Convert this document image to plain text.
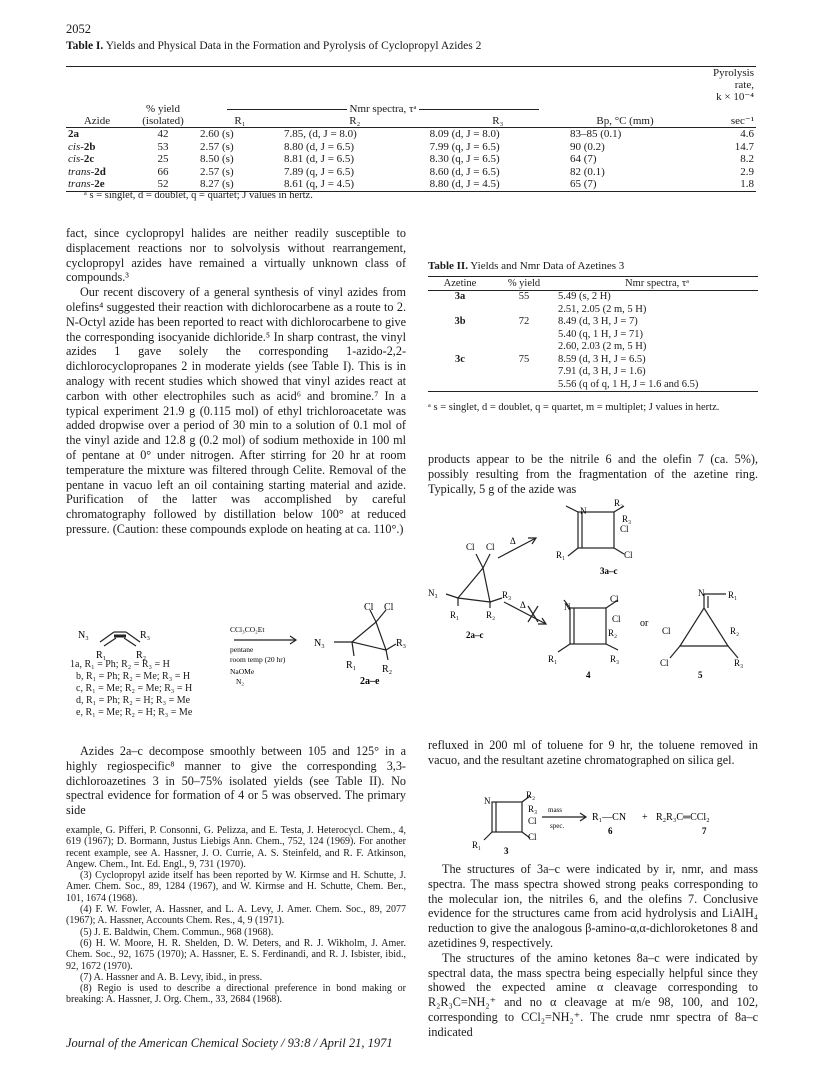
2052
Table I. Yields and Physical Data in the Formation and Pyrolysis of Cyclopropyl Azides 2

						Pyrolysis
rate,
k × 10⁻⁴

	% yield	Nmr spectra, τᵃ				
Azide	(isolated)	R₁	R₂	R₃	Bp, °C (mm)	sec⁻¹
2a	42	2.60 (s)	7.85, (d, J = 8.0)	8.09 (d, J = 8.0)	83–85 (0.1)	4.6
cis-2b	53	2.57 (s)	8.80 (d, J = 6.5)	7.99 (q, J = 6.5)	90 (0.2)	14.7
cis-2c	25	8.50 (s)	8.81 (d, J = 6.5)	8.30 (q, J = 6.5)	64 (7)	8.2
trans-2d	66	2.57 (s)	7.89 (q, J = 6.5)	8.60 (d, J = 6.5)	82 (0.1)	2.9
trans-2e	52	8.27 (s)	8.61 (q, J = 4.5)	8.80 (d, J = 4.5)	65 (7)	1.8
ᵃ s = singlet, d = doublet, q = quartet; J values in hertz.

fact, since cyclopropyl halides are neither readily susceptible to displacement reactions nor to solvolysis without rearrangement, cyclopropyl azides have remained a virtually unknown class of compounds.³

Our recent discovery of a general synthesis of vinyl azides from olefins⁴ suggested their reaction with dichlorocarbene as a route to 2. N-Octyl azide has been reported to react with dichlorocarbene to give the corresponding isocyanide dichloride.⁵ In sharp contrast, the vinyl azides 1 gave solely the corresponding 1-azido-2,2-dichlorocyclopropanes 2 in moderate yields (see Table I). This is in analogy with recent studies which showed that vinyl azides react at carbon with other electrophiles such as acid⁶ and bromine.⁷ In a typical experiment 21.9 g (0.115 mol) of ethyl trichloroacetate was added dropwise over a period of 30 min to a solution of 0.1 mol of the vinyl azide and 12.8 g (0.2 mol) of sodium methoxide in 100 ml of pentane at 0° under nitrogen. After stirring for 20 hr at room temperature the mixture was filtered through Celite. Removal of the pentane in vacuo left an oil containing starting material and azide. Purification of the latter was accomplished by careful chromatography followed by distillation below 100° at reduced pressure. (Caution: these compounds explode on heating at ca. 110°.)

N₃	R₃
R₁	R₂
CCl₃CO₂Et
pentane
room temp (20 hr)
NaOMe
N₂
N₃
Cl Cl
R₃
R₁	R₂
2a–e
1a, R₁ = Ph; R₂ = R₃ = H
b, R₁ = Ph; R₂ = Me; R₃ = H
c, R₁ = Me; R₂ = Me; R₃ = H
d, R₁ = Ph; R₂ = H; R₃ = Me
e, R₁ = Me; R₂ = H; R₃ = Me

Azides 2a–c decompose smoothly between 105 and 125° in a highly regiospecific⁸ manner to give the corresponding 3,3-dichloroazetines 3 in 50–75% isolated yields (see Table II). No spectral evidence for formation of 4 or 5 was observed. The primary side

example, G. Pifferi, P. Consonni, G. Pelizza, and E. Testa, J. Heterocycl. Chem., 4, 619 (1967); D. Bormann, Justus Liebigs Ann. Chem., 752, 124 (1969). For another recent example, see A. Hassner, J. O. Currie, A. S. Steinfeld, and R. F. Atkinson, Angew. Chem., Int. Ed. Engl., 9, 731 (1970).

(3) Cyclopropyl azide itself has been reported by W. Kirmse and H. Schutte, J. Amer. Chem. Soc., 89, 1284 (1967), and W. Kirmse and H. Schutte, Chem. Ber., 101, 1674 (1968).

(4) F. W. Fowler, A. Hassner, and L. A. Levy, J. Amer. Chem. Soc., 89, 2077 (1967); A. Hassner, Accounts Chem. Res., 4, 9 (1971).

(5) J. E. Baldwin, Chem. Commun., 968 (1968).

(6) H. W. Moore, H. R. Shelden, D. W. Deters, and R. J. Wikholm, J. Amer. Chem. Soc., 92, 1675 (1970); A. Hassner, E. S. Ferdinandi, and R. J. Isbister, ibid., 92, 1672 (1970).

(7) A. Hassner and A. B. Levy, ibid., in press.

(8) Regio is used to describe a directional preference in bond making or breaking: A. Hassner, J. Org. Chem., 33, 2684 (1968).

Table II. Yields and Nmr Data of Azetines 3
Azetine	% yield	Nmr spectra, τᵃ
3a	55	5.49 (s, 2 H)
2.51, 2.05 (2 m, 5 H)

3b	72	8.49 (d, 3 H, J = 7)
5.40 (q, 1 H, J = 71)
2.60, 2.03 (2 m, 5 H)

3c	75	8.59 (d, 3 H, J = 6.5)
7.91 (d, 3 H, J = 1.6)
5.56 (q of q, 1 H, J = 1.6 and 6.5)
ᵃ s = singlet, d = doublet, q = quartet, m = multiplet; J values in hertz.

products appear to be the nitrile 6 and the olefin 7 (ca. 5%), possibly resulting from the fragmentation of the azetine ring. Typically, 5 g of the azide was

N
R₂
R₃
Cl
R₁	Cl
3a–c
Cl Cl
N₃	R₃
R₁	R₂
2a–c
Δ
Δ	N
Cl
Cl
R₂
R₁	R₃
4
or
N	R₁
Cl	R₂
Cl	R₃
5

refluxed in 200 ml of toluene for 9 hr, the toluene removed in vacuo, and the resultant azetine chromatographed on silica gel.

N
R₂
R₃
Cl
Cl
R₁
3
mass
spec.
R₁—CN + R₂R₃C═CCl₂
6	7

The structures of 3a–c were indicated by ir, nmr, and mass spectra. The mass spectra showed strong peaks corresponding to the molecular ion, the nitriles 6, and the olefins 7. Conclusive evidence for the structures came from acid hydrolysis and LiAlH₄ reduction to give the analogous β-amino-α,α-dichloroketones 8 and azetidines 9, respectively.

The structures of the amino ketones 8a–c were indicated by spectral data, the mass spectra being especially helpful since they showed the expected amine α cleavage corresponding to R₂R₃C=NH₂⁺ and no α cleavage at m/e 98, 100, and 102, corresponding to CCl₂=NH₂⁺. The crude nmr spectra of 8a–c indicated

Journal of the American Chemical Society / 93:8 / April 21, 1971
